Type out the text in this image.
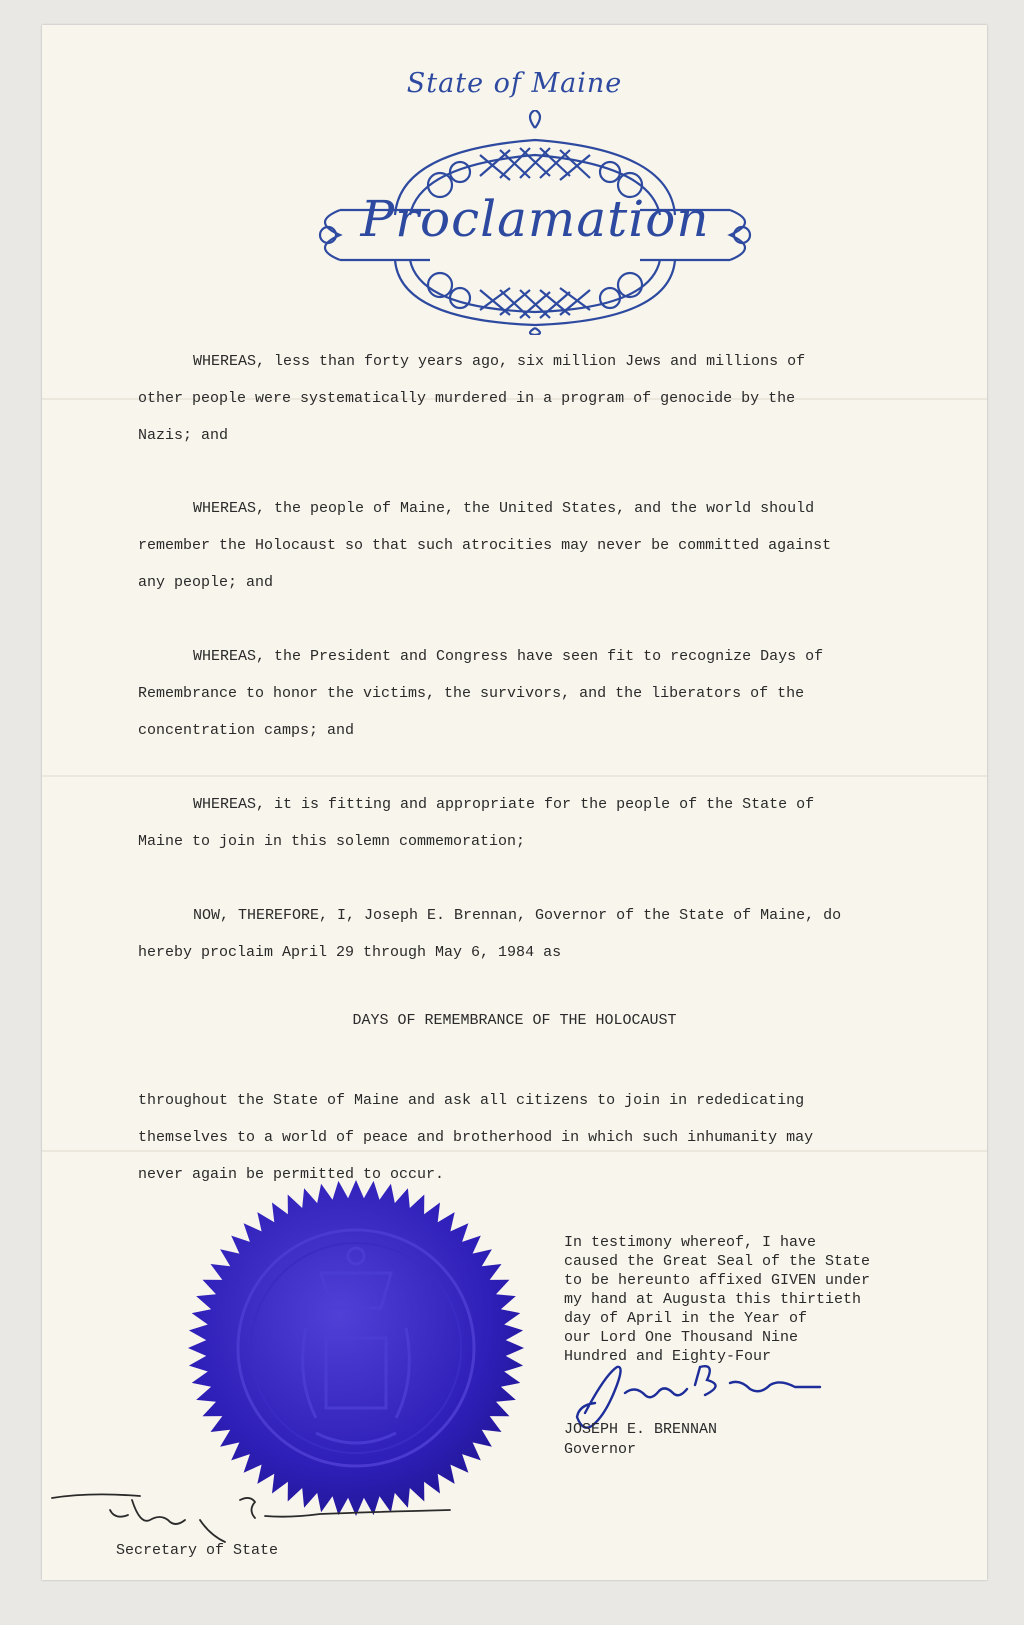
State of Maine
Proclamation

WHEREAS, less than forty years ago, six million Jews and millions of other people were systematically murdered in a program of genocide by the Nazis; and

WHEREAS, the people of Maine, the United States, and the world should remember the Holocaust so that such atrocities may never be committed against any people; and

WHEREAS, the President and Congress have seen fit to recognize Days of Remembrance to honor the victims, the survivors, and the liberators of the concentration camps; and

WHEREAS, it is fitting and appropriate for the people of the State of Maine to join in this solemn commemoration;

NOW, THEREFORE, I, Joseph E. Brennan, Governor of the State of Maine, do hereby proclaim April 29 through May 6, 1984 as

DAYS OF REMEMBRANCE OF THE HOLOCAUST

throughout the State of Maine and ask all citizens to join in rededicating themselves to a world of peace and brotherhood in which such inhumanity may never again be permitted to occur.

In testimony whereof, I have
caused the Great Seal of the State
to be hereunto affixed GIVEN under
my hand at Augusta this thirtieth
day of April in the Year of
our Lord One Thousand Nine
Hundred and Eighty-Four

JOSEPH E. BRENNAN
Governor
Secretary of State
